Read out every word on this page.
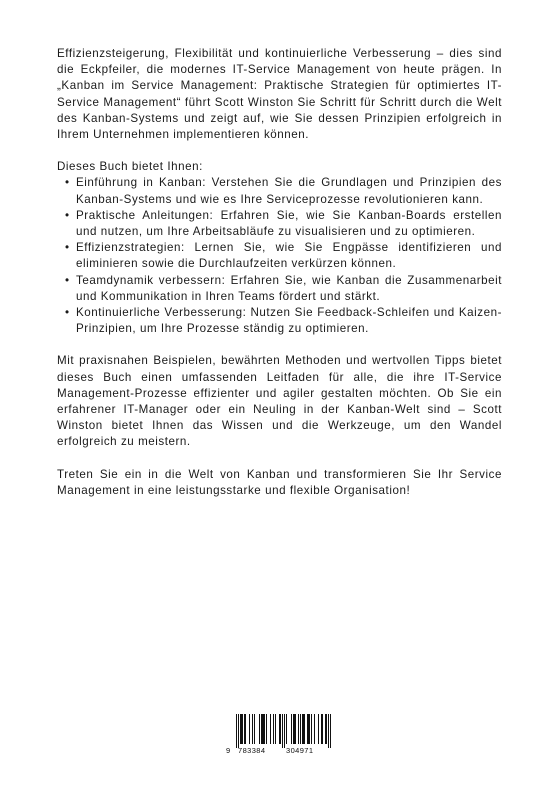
Effizienzsteigerung, Flexibilität und kontinuierliche Verbesserung – dies sind die Eckpfeiler, die modernes IT-Service Management von heute prägen. In „Kanban im Service Management: Praktische Strategien für optimiertes IT-Service Management“ führt Scott Winston Sie Schritt für Schritt durch die Welt des Kanban-Systems und zeigt auf, wie Sie dessen Prinzipien erfolgreich in Ihrem Unternehmen implementieren können.

Dieses Buch bietet Ihnen:

• Einführung in Kanban: Verstehen Sie die Grundlagen und Prinzipien des Kanban-Systems und wie es Ihre Serviceprozesse revolutionieren kann.
• Praktische Anleitungen: Erfahren Sie, wie Sie Kanban-Boards erstellen und nutzen, um Ihre Arbeitsabläufe zu visualisieren und zu optimieren.
• Effizienzstrategien: Lernen Sie, wie Sie Engpässe identifizieren und eliminieren sowie die Durchlaufzeiten verkürzen können.
• Teamdynamik verbessern: Erfahren Sie, wie Kanban die Zusammenarbeit und Kommunikation in Ihren Teams fördert und stärkt.
• Kontinuierliche Verbesserung: Nutzen Sie Feedback-Schleifen und Kaizen-Prinzipien, um Ihre Prozesse ständig zu optimieren.

Mit praxisnahen Beispielen, bewährten Methoden und wertvollen Tipps bietet dieses Buch einen umfassenden Leitfaden für alle, die ihre IT-Service Management-Prozesse effizienter und agiler gestalten möchten. Ob Sie ein erfahrener IT-Manager oder ein Neuling in der Kanban-Welt sind – Scott Winston bietet Ihnen das Wissen und die Werkzeuge, um den Wandel erfolgreich zu meistern.

Treten Sie ein in die Welt von Kanban und transformieren Sie Ihr Service Management in eine leistungsstarke und flexible Organisation!

9 783384	304971
